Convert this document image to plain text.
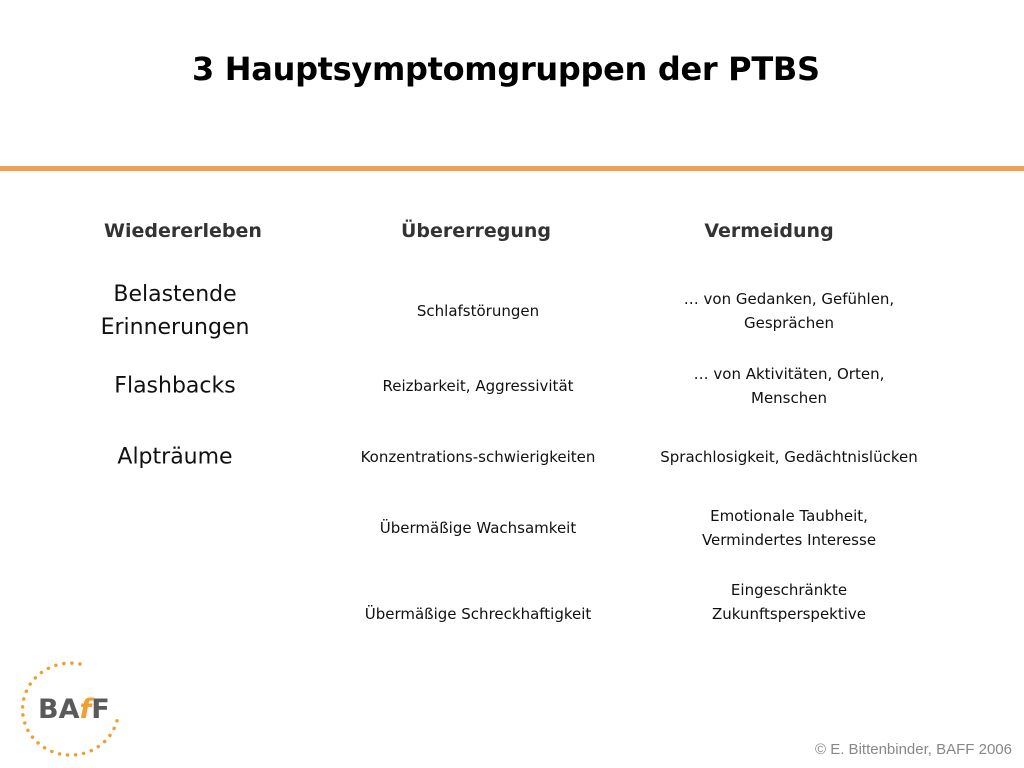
3 Hauptsymptomgruppen der PTBS
Wiedererleben
Belastende
Erinnerungen
Flashbacks
Alpträume
Übererregung
Schlafstörungen
Reizbarkeit, Aggressivität
Konzentrations-schwierigkeiten
Übermäßige Wachsamkeit
Übermäßige Schreckhaftigkeit
Vermeidung
… von Gedanken, Gefühlen,
Gesprächen
… von Aktivitäten, Orten,
Menschen
Sprachlosigkeit, Gedächtnislücken
Emotionale Taubheit,
Vermindertes Interesse
Eingeschränkte
Zukunftsperspektive
BAfF
© E. Bittenbinder, BAFF 2006
